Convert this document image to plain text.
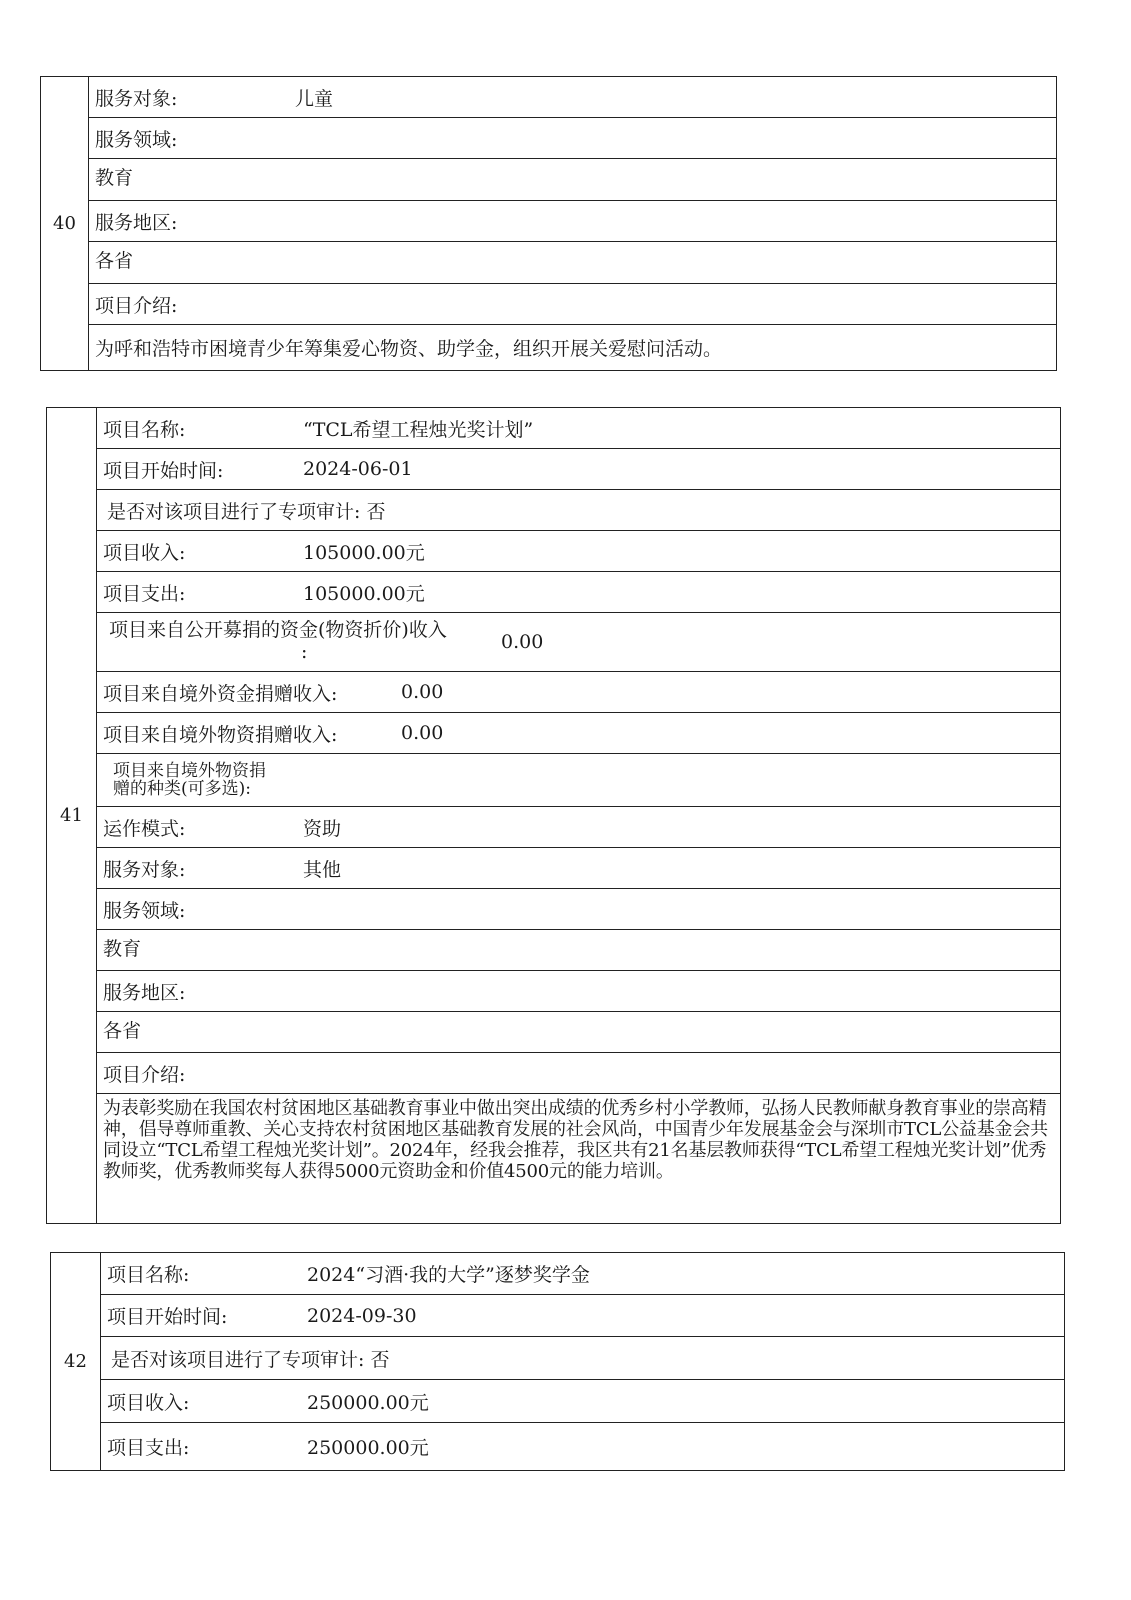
40
服务对象:	儿童
服务领域:
教育
服务地区:
各省
项目介绍:
为呼和浩特市困境青少年筹集爱心物资、助学金，组织开展关爱慰问活动。
41
项目名称:	“TCL希望工程烛光奖计划”
项目开始时间:	2024-06-01
是否对该项目进行了专项审计: 否
项目收入:	105000.00元
项目支出:	105000.00元
项目来自公开募捐的资金(物资折价)收入
:	0.00
项目来自境外资金捐赠收入:	0.00
项目来自境外物资捐赠收入:	0.00
项目来自境外物资捐
赠的种类(可多选):
运作模式:	资助
服务对象:	其他
服务领域:
教育
服务地区:
各省
项目介绍:
为表彰奖励在我国农村贫困地区基础教育事业中做出突出成绩的优秀乡村小学教师，弘扬人民教师献身教育事业的崇高精神，倡导尊师重教、关心支持农村贫困地区基础教育发展的社会风尚，中国青少年发展基金会与深圳市TCL公益基金会共同设立“TCL希望工程烛光奖计划”。2024年，经我会推荐，我区共有21名基层教师获得“TCL希望工程烛光奖计划”优秀教师奖，优秀教师奖每人获得5000元资助金和价值4500元的能力培训。
42
项目名称:	2024“习酒·我的大学”逐梦奖学金
项目开始时间:	2024-09-30
是否对该项目进行了专项审计: 否
项目收入:	250000.00元
项目支出:	250000.00元
